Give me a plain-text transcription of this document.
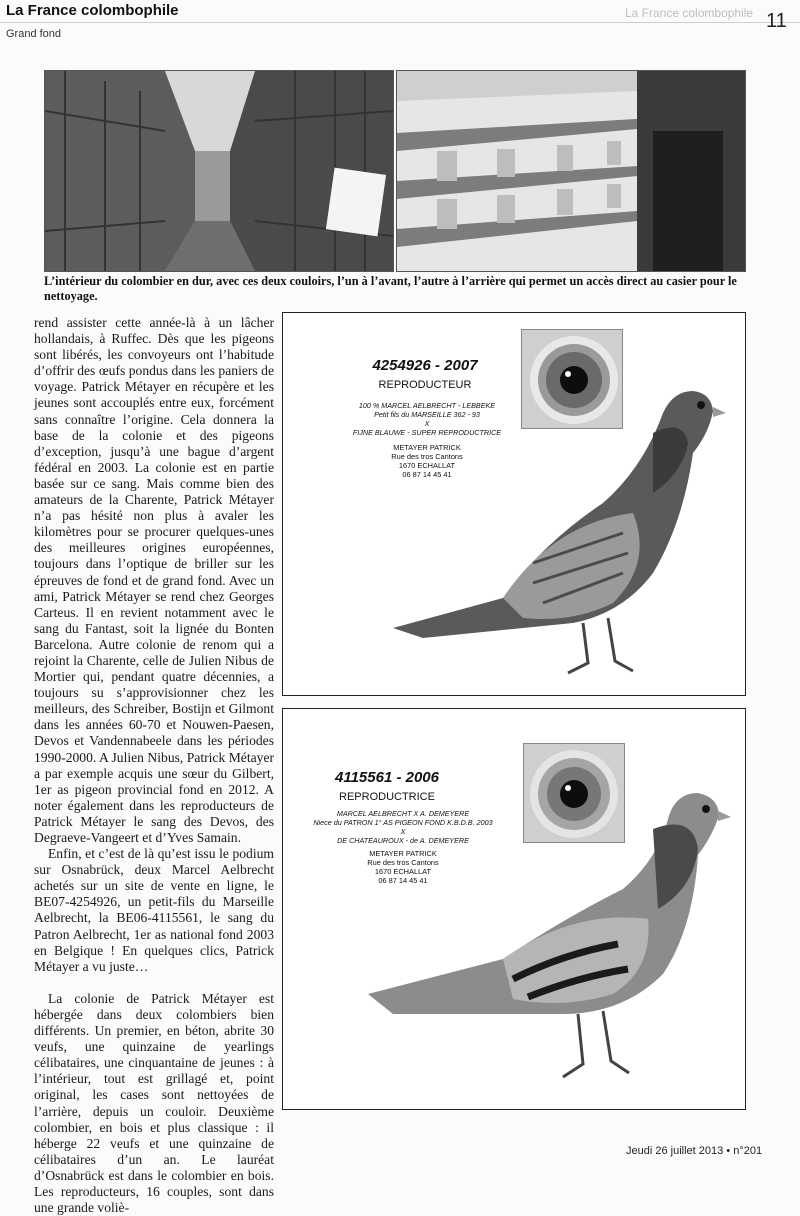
La France colombophile
Grand fond
La France colombophile 11
L’intérieur du colombier en dur, avec ces deux couloirs, l’un à l’avant, l’autre à l’arrière qui permet un accès direct au casier pour le nettoyage.

rend assister cette année-là à un lâcher hollandais, à Ruffec. Dès que les pigeons sont libérés, les convoyeurs ont l’habitude d’offrir des œufs pondus dans les paniers de voyage. Patrick Métayer en récupère et les jeunes sont accouplés entre eux, forcément sans connaître l’origine. Cela donnera la base de la colonie et des pigeons d’exception, jusqu’à une bague d’argent fédéral en 2003. La colonie est en partie basée sur ce sang. Mais comme bien des amateurs de la Charente, Patrick Métayer n’a pas hésité non plus à avaler les kilomètres pour se procurer quelques-unes des meilleures origines européennes, toujours dans l’optique de briller sur les épreuves de fond et de grand fond. Avec un ami, Patrick Métayer se rend chez Georges Carteus. Il en revient notamment avec le sang du Fantast, soit la lignée du Bonten Barcelona. Autre colonie de renom qui a rejoint la Charente, celle de Julien Nibus de Mortier qui, pendant quatre décennies, a toujours su s’approvisionner chez les meilleurs, des Schreiber, Bostijn et Gilmont dans les années 60-70 et Nouwen-Paesen, Devos et Vandennabeele dans les périodes 1990-2000. A Julien Nibus, Patrick Métayer a par exemple acquis une sœur du Gilbert, 1er as pigeon provincial fond en 2012. A noter également dans les reproducteurs de Patrick Métayer le sang des Devos, des Degraeve-Vangeert et d’Yves Samain.

Enfin, et c’est de là qu’est issu le podium sur Osnabrück, deux Marcel Aelbrecht achetés sur un site de vente en ligne, le BE07-4254926, un petit-fils du Marseille Aelbrecht, la BE06-4115561, le sang du Patron Aelbrecht, 1er as national fond 2003 en Belgique ! En quelques clics, Patrick Métayer a vu juste…

La colonie de Patrick Métayer est hébergée dans deux colombiers bien différents. Un premier, en béton, abrite 30 veufs, une quinzaine de yearlings célibataires, une cinquantaine de jeunes : à l’intérieur, tout est grillagé et, point original, les cases sont nettoyées de l’arrière, depuis un couloir. Deuxième colombier, en bois et plus classique : il héberge 22 veufs et une quinzaine de célibataires d’un an. Le lauréat d’Osnabrück est dans le colombier en bois. Les reproducteurs, 16 couples, sont dans une grande voliè-

4254926 - 2007
REPRODUCTEUR
100 % MARCEL AELBRECHT - LEBBEKE
Petit fils du MARSEILLE 362 - 93
X
FIJNE BLAUWE - SUPER REPRODUCTRICE
METAYER PATRICK
Rue des tros Cantons
1670 ECHALLAT
06 87 14 45 41
4115561 - 2006
REPRODUCTRICE
MARCEL AELBRECHT X A. DEMEYERE
Niece du PATRON 1° AS PIGEON FOND K.B.D.B. 2003
X
DE CHATEAUROUX - de A. DEMEYERE
METAYER PATRICK
Rue des tros Cantons
1670 ECHALLAT
06 87 14 45 41
Jeudi 26 juillet 2013 • n°201
